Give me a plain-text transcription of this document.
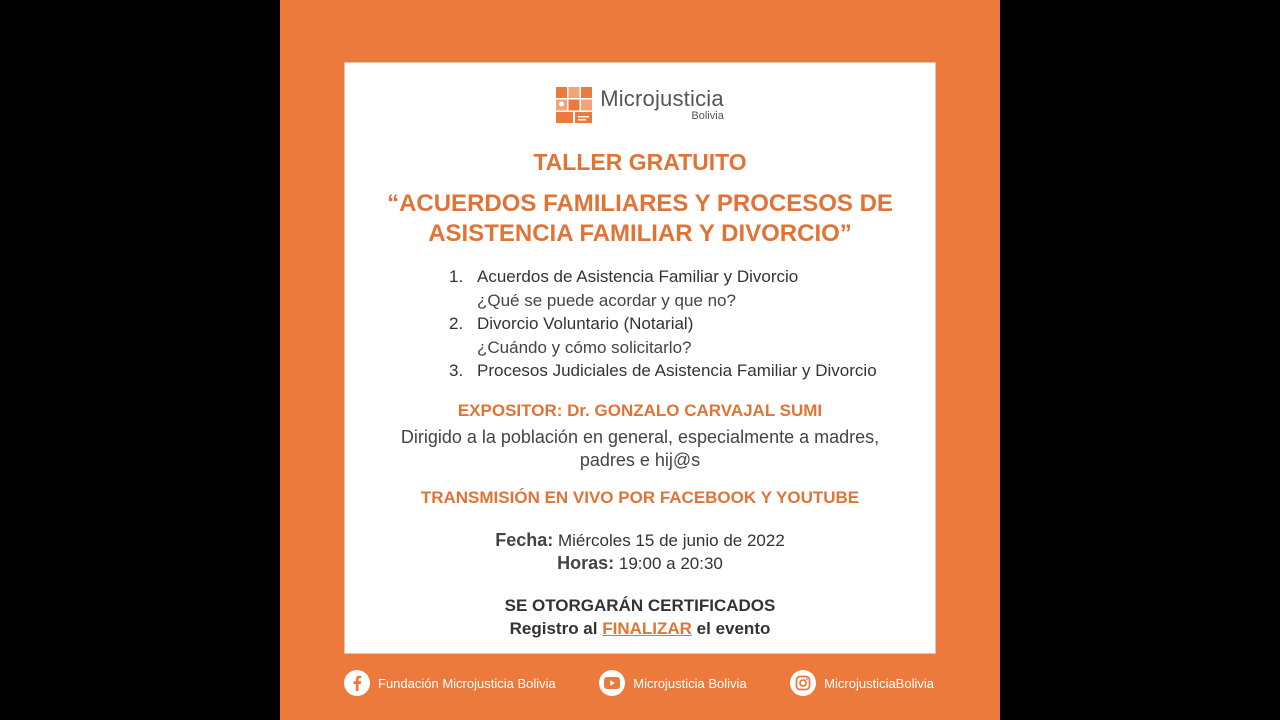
Microjusticia
Bolivia
TALLER GRATUITO
“ACUERDOS FAMILIARES Y PROCESOS DE
ASISTENCIA FAMILIAR Y DIVORCIO”
1. Acuerdos de Asistencia Familiar y Divorcio
¿Qué se puede acordar y que no?
2. Divorcio Voluntario (Notarial)
¿Cuándo y cómo solicitarlo?
3. Procesos Judiciales de Asistencia Familiar y Divorcio
EXPOSITOR: Dr. GONZALO CARVAJAL SUMI
Dirigido a la población en general, especialmente a madres,
padres e hij@s
TRANSMISIÓN EN VIVO POR FACEBOOK Y YOUTUBE
Fecha: Miércoles 15 de junio de 2022
Horas: 19:00 a 20:30
SE OTORGARÁN CERTIFICADOS
Registro al FINALIZAR el evento
Fundación Microjusticia Bolivia	Microjusticia Bolivia	MicrojusticiaBolivia
